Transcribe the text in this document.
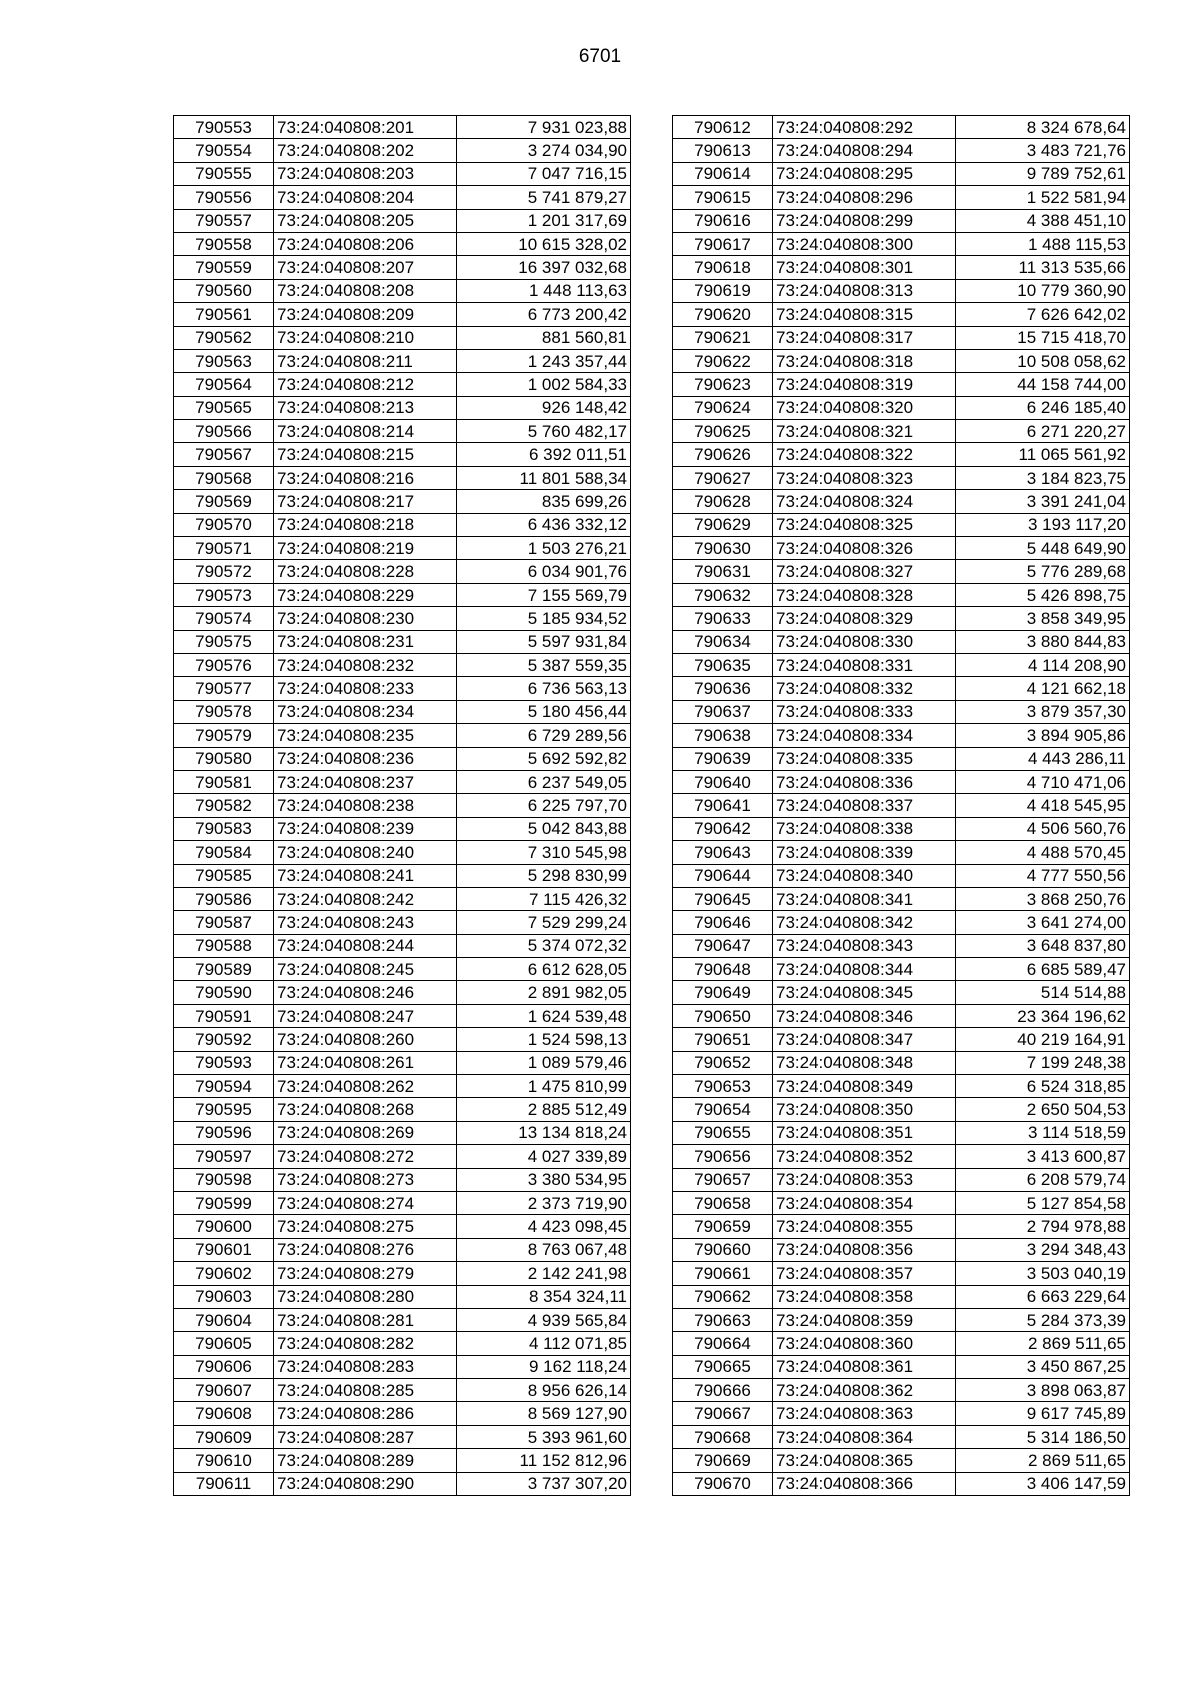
6701
790553	73:24:040808:201	7 931 023,88
790554	73:24:040808:202	3 274 034,90
790555	73:24:040808:203	7 047 716,15
790556	73:24:040808:204	5 741 879,27
790557	73:24:040808:205	1 201 317,69
790558	73:24:040808:206	10 615 328,02
790559	73:24:040808:207	16 397 032,68
790560	73:24:040808:208	1 448 113,63
790561	73:24:040808:209	6 773 200,42
790562	73:24:040808:210	881 560,81
790563	73:24:040808:211	1 243 357,44
790564	73:24:040808:212	1 002 584,33
790565	73:24:040808:213	926 148,42
790566	73:24:040808:214	5 760 482,17
790567	73:24:040808:215	6 392 011,51
790568	73:24:040808:216	11 801 588,34
790569	73:24:040808:217	835 699,26
790570	73:24:040808:218	6 436 332,12
790571	73:24:040808:219	1 503 276,21
790572	73:24:040808:228	6 034 901,76
790573	73:24:040808:229	7 155 569,79
790574	73:24:040808:230	5 185 934,52
790575	73:24:040808:231	5 597 931,84
790576	73:24:040808:232	5 387 559,35
790577	73:24:040808:233	6 736 563,13
790578	73:24:040808:234	5 180 456,44
790579	73:24:040808:235	6 729 289,56
790580	73:24:040808:236	5 692 592,82
790581	73:24:040808:237	6 237 549,05
790582	73:24:040808:238	6 225 797,70
790583	73:24:040808:239	5 042 843,88
790584	73:24:040808:240	7 310 545,98
790585	73:24:040808:241	5 298 830,99
790586	73:24:040808:242	7 115 426,32
790587	73:24:040808:243	7 529 299,24
790588	73:24:040808:244	5 374 072,32
790589	73:24:040808:245	6 612 628,05
790590	73:24:040808:246	2 891 982,05
790591	73:24:040808:247	1 624 539,48
790592	73:24:040808:260	1 524 598,13
790593	73:24:040808:261	1 089 579,46
790594	73:24:040808:262	1 475 810,99
790595	73:24:040808:268	2 885 512,49
790596	73:24:040808:269	13 134 818,24
790597	73:24:040808:272	4 027 339,89
790598	73:24:040808:273	3 380 534,95
790599	73:24:040808:274	2 373 719,90
790600	73:24:040808:275	4 423 098,45
790601	73:24:040808:276	8 763 067,48
790602	73:24:040808:279	2 142 241,98
790603	73:24:040808:280	8 354 324,11
790604	73:24:040808:281	4 939 565,84
790605	73:24:040808:282	4 112 071,85
790606	73:24:040808:283	9 162 118,24
790607	73:24:040808:285	8 956 626,14
790608	73:24:040808:286	8 569 127,90
790609	73:24:040808:287	5 393 961,60
790610	73:24:040808:289	11 152 812,96
790611	73:24:040808:290	3 737 307,20
790612	73:24:040808:292	8 324 678,64
790613	73:24:040808:294	3 483 721,76
790614	73:24:040808:295	9 789 752,61
790615	73:24:040808:296	1 522 581,94
790616	73:24:040808:299	4 388 451,10
790617	73:24:040808:300	1 488 115,53
790618	73:24:040808:301	11 313 535,66
790619	73:24:040808:313	10 779 360,90
790620	73:24:040808:315	7 626 642,02
790621	73:24:040808:317	15 715 418,70
790622	73:24:040808:318	10 508 058,62
790623	73:24:040808:319	44 158 744,00
790624	73:24:040808:320	6 246 185,40
790625	73:24:040808:321	6 271 220,27
790626	73:24:040808:322	11 065 561,92
790627	73:24:040808:323	3 184 823,75
790628	73:24:040808:324	3 391 241,04
790629	73:24:040808:325	3 193 117,20
790630	73:24:040808:326	5 448 649,90
790631	73:24:040808:327	5 776 289,68
790632	73:24:040808:328	5 426 898,75
790633	73:24:040808:329	3 858 349,95
790634	73:24:040808:330	3 880 844,83
790635	73:24:040808:331	4 114 208,90
790636	73:24:040808:332	4 121 662,18
790637	73:24:040808:333	3 879 357,30
790638	73:24:040808:334	3 894 905,86
790639	73:24:040808:335	4 443 286,11
790640	73:24:040808:336	4 710 471,06
790641	73:24:040808:337	4 418 545,95
790642	73:24:040808:338	4 506 560,76
790643	73:24:040808:339	4 488 570,45
790644	73:24:040808:340	4 777 550,56
790645	73:24:040808:341	3 868 250,76
790646	73:24:040808:342	3 641 274,00
790647	73:24:040808:343	3 648 837,80
790648	73:24:040808:344	6 685 589,47
790649	73:24:040808:345	514 514,88
790650	73:24:040808:346	23 364 196,62
790651	73:24:040808:347	40 219 164,91
790652	73:24:040808:348	7 199 248,38
790653	73:24:040808:349	6 524 318,85
790654	73:24:040808:350	2 650 504,53
790655	73:24:040808:351	3 114 518,59
790656	73:24:040808:352	3 413 600,87
790657	73:24:040808:353	6 208 579,74
790658	73:24:040808:354	5 127 854,58
790659	73:24:040808:355	2 794 978,88
790660	73:24:040808:356	3 294 348,43
790661	73:24:040808:357	3 503 040,19
790662	73:24:040808:358	6 663 229,64
790663	73:24:040808:359	5 284 373,39
790664	73:24:040808:360	2 869 511,65
790665	73:24:040808:361	3 450 867,25
790666	73:24:040808:362	3 898 063,87
790667	73:24:040808:363	9 617 745,89
790668	73:24:040808:364	5 314 186,50
790669	73:24:040808:365	2 869 511,65
790670	73:24:040808:366	3 406 147,59
